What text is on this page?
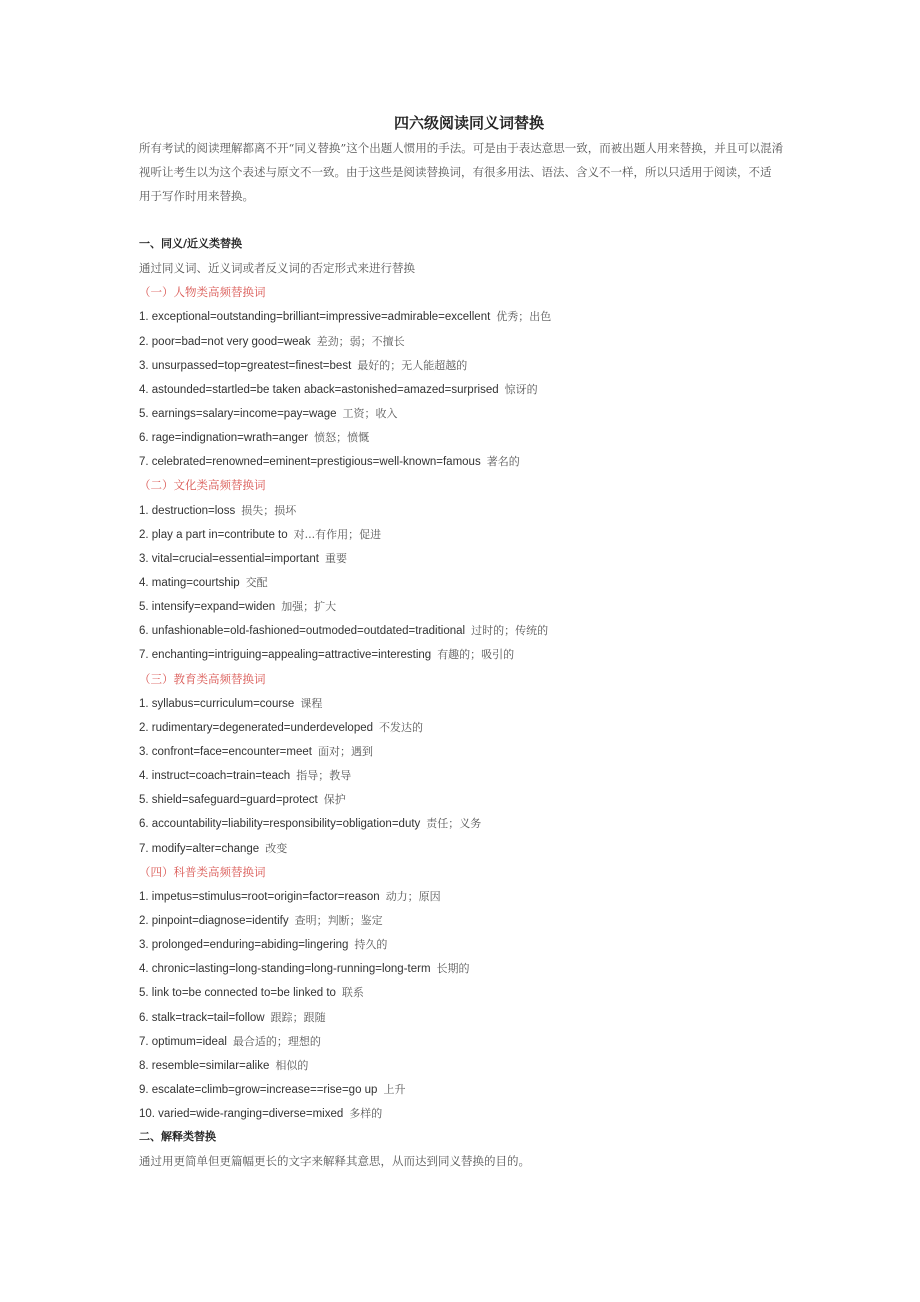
四六级阅读同义词替换

所有考试的阅读理解都离不开“同义替换”这个出题人惯用的手法。可是由于表达意思一致，而被出题人用来替换，并且可以混淆

视听让考生以为这个表述与原文不一致。由于这些是阅读替换词，有很多用法、语法、含义不一样，所以只适用于阅读，不适

用于写作时用来替换。

一、同义/近义类替换
通过同义词、近义词或者反义词的否定形式来进行替换
（一）人物类高频替换词
1. exceptional=outstanding=brilliant=impressive=admirable=excellent 优秀；出色
2. poor=bad=not very good=weak 差劲；弱；不擅长
3. unsurpassed=top=greatest=finest=best 最好的；无人能超越的
4. astounded=startled=be taken aback=astonished=amazed=surprised 惊讶的
5. earnings=salary=income=pay=wage 工资；收入
6. rage=indignation=wrath=anger 愤怒；愤慨
7. celebrated=renowned=eminent=prestigious=well-known=famous 著名的
（二）文化类高频替换词
1. destruction=loss 损失；损坏
2. play a part in=contribute to 对...有作用；促进
3. vital=crucial=essential=important 重要
4. mating=courtship 交配
5. intensify=expand=widen 加强；扩大
6. unfashionable=old-fashioned=outmoded=outdated=traditional 过时的；传统的
7. enchanting=intriguing=appealing=attractive=interesting 有趣的；吸引的
（三）教育类高频替换词
1. syllabus=curriculum=course 课程
2. rudimentary=degenerated=underdeveloped 不发达的
3. confront=face=encounter=meet 面对；遇到
4. instruct=coach=train=teach 指导；教导
5. shield=safeguard=guard=protect 保护
6. accountability=liability=responsibility=obligation=duty 责任；义务
7. modify=alter=change 改变
（四）科普类高频替换词
1. impetus=stimulus=root=origin=factor=reason 动力；原因
2. pinpoint=diagnose=identify 查明；判断；鉴定
3. prolonged=enduring=abiding=lingering 持久的
4. chronic=lasting=long-standing=long-running=long-term 长期的
5. link to=be connected to=be linked to 联系
6. stalk=track=tail=follow 跟踪；跟随
7. optimum=ideal 最合适的；理想的
8. resemble=similar=alike 相似的
9. escalate=climb=grow=increase==rise=go up 上升
10. varied=wide-ranging=diverse=mixed 多样的
二、解释类替换
通过用更简单但更篇幅更长的文字来解释其意思，从而达到同义替换的目的。
